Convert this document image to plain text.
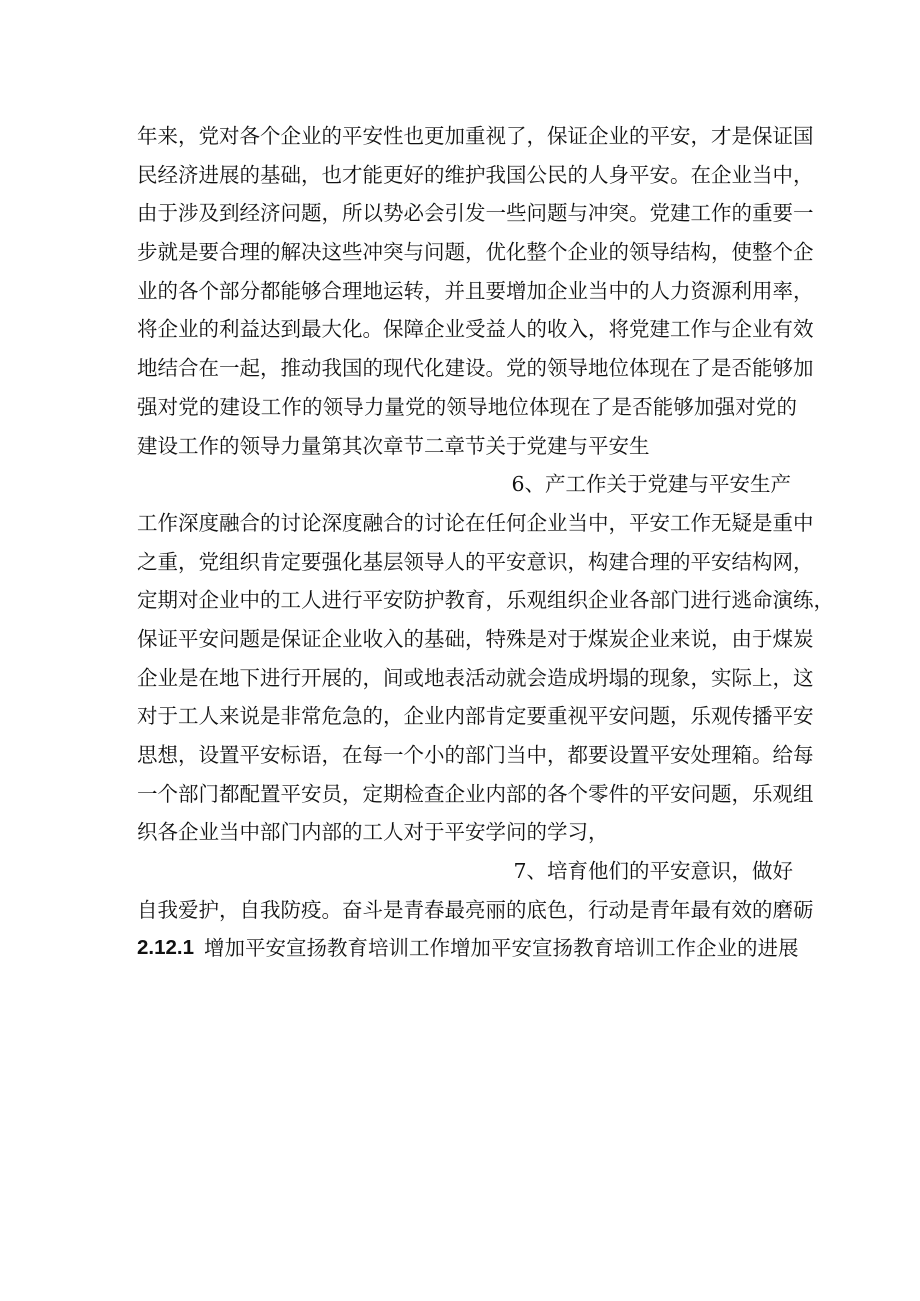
年来，党对各个企业的平安性也更加重视了，保证企业的平安，才是保证国
民经济进展的基础，也才能更好的维护我国公民的人身平安。在企业当中，
由于涉及到经济问题，所以势必会引发一些问题与冲突。党建工作的重要一
步就是要合理的解决这些冲突与问题，优化整个企业的领导结构，使整个企
业的各个部分都能够合理地运转，并且要增加企业当中的人力资源利用率，
将企业的利益达到最大化。保障企业受益人的收入，将党建工作与企业有效
地结合在一起，推动我国的现代化建设。党的领导地位体现在了是否能够加
强对党的建设工作的领导力量党的领导地位体现在了是否能够加强对党的
建设工作的领导力量第其次章节二章节关于党建与平安生
6、产工作关于党建与平安生产
工作深度融合的讨论深度融合的讨论在任何企业当中，平安工作无疑是重中
之重，党组织肯定要强化基层领导人的平安意识，构建合理的平安结构网，
定期对企业中的工人进行平安防护教育，乐观组织企业各部门进行逃命演练，
保证平安问题是保证企业收入的基础，特殊是对于煤炭企业来说，由于煤炭
企业是在地下进行开展的，间或地表活动就会造成坍塌的现象，实际上，这
对于工人来说是非常危急的，企业内部肯定要重视平安问题，乐观传播平安
思想，设置平安标语，在每一个小的部门当中，都要设置平安处理箱。给每
一个部门都配置平安员，定期检查企业内部的各个零件的平安问题，乐观组
织各企业当中部门内部的工人对于平安学问的学习，
7、培育他们的平安意识，做好
自我爱护，自我防疫。奋斗是青春最亮丽的底色，行动是青年最有效的磨砺
2.12.1 增加平安宣扬教育培训工作增加平安宣扬教育培训工作企业的进展
